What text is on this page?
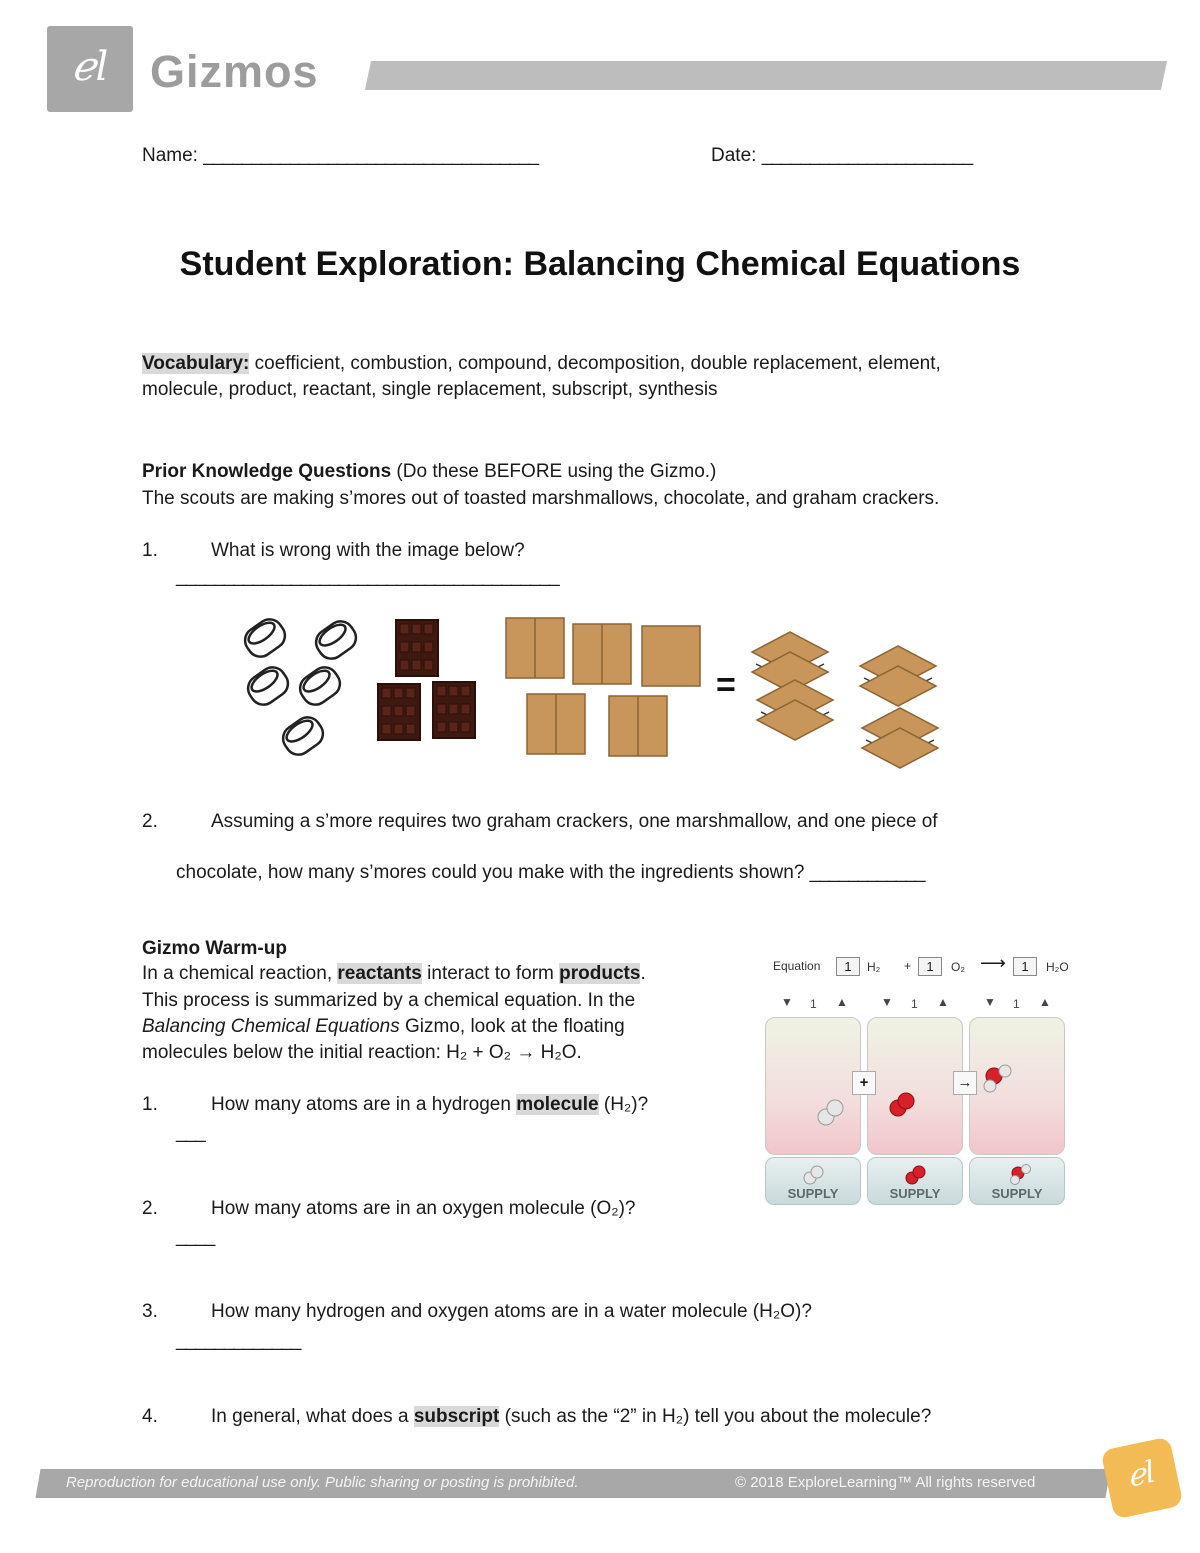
ℯl Gizmos
Name: ___________________________________	Date: ______________________
Student Exploration: Balancing Chemical Equations
Vocabulary: coefficient, combustion, compound, decomposition, double replacement, element,
molecule, product, reactant, single replacement, subscript, synthesis
Prior Knowledge Questions (Do these BEFORE using the Gizmo.)
The scouts are making s’mores out of toasted marshmallows, chocolate, and graham crackers.
1.	What is wrong with the image below?
________________________________________
=
2.	Assuming a s’more requires two graham crackers, one marshmallow, and one piece of
chocolate, how many s’mores could you make with the ingredients shown? ____________
Gizmo Warm-up
In a chemical reaction, reactants interact to form products.
This process is summarized by a chemical equation. In the
Balancing Chemical Equations Gizmo, look at the floating
molecules below the initial reaction: H₂ + O₂ → H₂O.
1.	How many atoms are in a hydrogen molecule (H₂)?
___
2.	How many atoms are in an oxygen molecule (O₂)?
____
3.	How many hydrogen and oxygen atoms are in a water molecule (H₂O)?
_____________
4.	In general, what does a subscript (such as the “2” in H₂) tell you about the molecule?
Equation	1	H₂ +	1	O₂ ⟶	1	H₂O
▼ 1 ▲	▼ 1 ▲	▼ 1 ▲
+	→
SUPPLY	SUPPLY	SUPPLY
Reproduction for educational use only. Public sharing or posting is prohibited.	© 2018 ExploreLearning™ All rights reserved	ℯl
